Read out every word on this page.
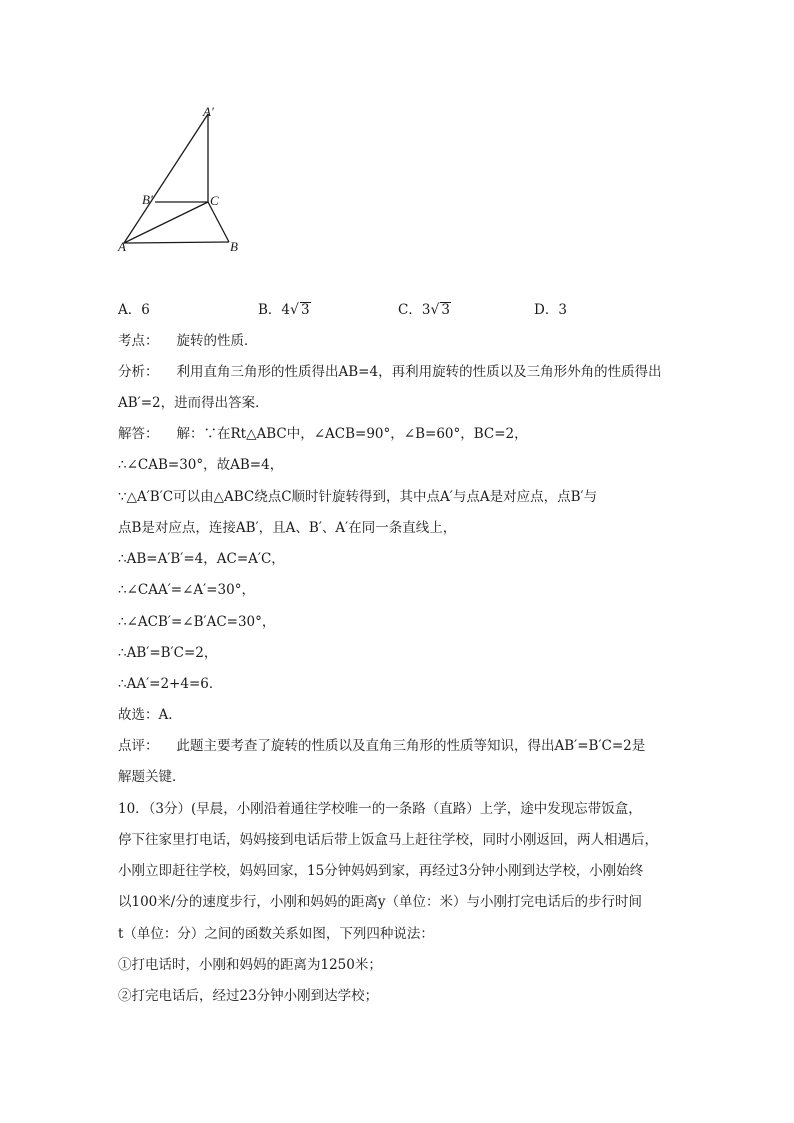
A′
B′	C
A	B
A．6	B．4√ 3	C．3√ 3	D．3
考点： 旋转的性质．
分析： 利用直角三角形的性质得出AB=4，再利用旋转的性质以及三角形外角的性质得出
AB′=2，进而得出答案．
解答： 解：∵在Rt△ABC中，∠ACB=90°，∠B=60°，BC=2，
∴∠CAB=30°，故AB=4，
∵△A′B′C可以由△ABC绕点C顺时针旋转得到，其中点A′与点A是对应点，点B′与
点B是对应点，连接AB′，且A、B′、A′在同一条直线上，
∴AB=A′B′=4，AC=A′C，
∴∠CAA′=∠A′=30°，
∴∠ACB′=∠B′AC=30°，
∴AB′=B′C=2，
∴AA′=2+4=6．
故选：A．
点评： 此题主要考查了旋转的性质以及直角三角形的性质等知识，得出AB′=B′C=2是
解题关键．
10．（3分）(早晨，小刚沿着通往学校唯一的一条路（直路）上学，途中发现忘带饭盒，
停下往家里打电话，妈妈接到电话后带上饭盒马上赶往学校，同时小刚返回，两人相遇后，
小刚立即赶往学校，妈妈回家，15分钟妈妈到家，再经过3分钟小刚到达学校，小刚始终
以100米/分的速度步行，小刚和妈妈的距离y（单位：米）与小刚打完电话后的步行时间
t（单位：分）之间的函数关系如图，下列四种说法：
①打电话时，小刚和妈妈的距离为1250米；
②打完电话后，经过23分钟小刚到达学校；
